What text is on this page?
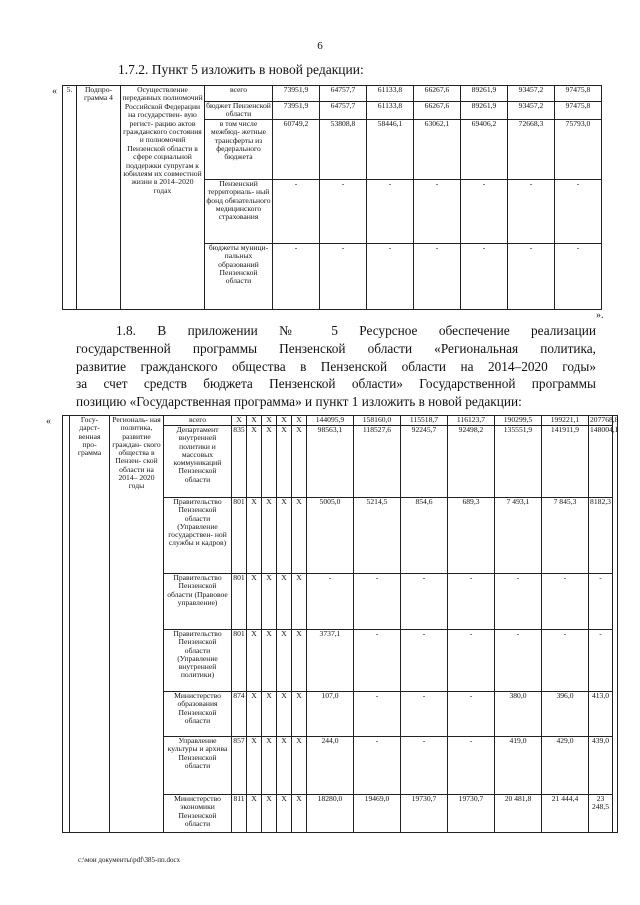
6
1.7.2. Пункт 5 изложить в новой редакции:
«
».
5.	Подпро- грамма 4	Осуществление переданных полномочий Российской Федерации на государствен- вую регист- рацию актов гражданского состояния и полномочий Пензенской области в сфере социальной поддержки супругам к юбилеям их совместной жизни в 2014–2020 годах	всего	73951,9	64757,7	61133,8	66267,6	89261,9	93457,2	97475,8
			бюджет Пензенской области	73951,9	64757,7	61133,8	66267,6	89261,9	93457,2	97475,8
			в том числе межбюд- жетные трансферты из федерального бюджета	60749,2	53808,8	58446,1	63062,1	69406,2	72668,3	75793,0
			Пензенский территориаль- ный фонд обязательного медицинского страхования	-	-	-	-	-	-	-
			бюджеты муници- пальных образований Пензенской области	-	-	-	-	-	-	-
1.8. В приложении № 5 Ресурсное обеспечение реализации
государственной программы Пензенской области «Региональная политика,
развитие гражданского общества в Пензенской области на 2014–2020 годы»
за счет средств бюджета Пензенской области» Государственной программы

позицию «Государственная программа» и пункт 1 изложить в новой редакции:
«
		Госу- дарст- венная про- грамма	Региональ- ная политика, развитие граждан- ского общества в Пензен- ской области на 2014– 2020 годы	всего	X	X	X	X	X	144095,9	158160,0	115518,7	116123,7	190299,5	199221,1	207768,8	
			Департамент внутренней политики и массовых коммуникаций Пензенской области	835	X	X	X	X	98563,1	118527,6	92245,7	92498,2	135551,9	141911,9	148004,1	
			Правительство Пензенской области (Управление государствен- ной службы и кадров)	801	X	X	X	X	5005,0	5214,5	854,6	689,3	7 493,1	7 845,3	8182,3	
			Правительство Пензенской области (Правовое управление)	801	X	X	X	X	-	-	-	-	-	-	-	
			Правительство Пензенской области (Управление внутренней политики)	801	X	X	X	X	3737,1	-	-	-	-	-	-	
			Министерство образования Пензенской области	874	X	X	X	X	107,0	-	-	-	380,0	396,0	413,0	
			Управление культуры и архива Пензенской области	857	X	X	X	X	244,0	-	-	-	419,0	429,0	439,0	
			Министерство экономики Пензенской области	811	X	X	X	X	18280,0	19469,0	19730,7	19730,7	20 481,8	21 444,4	23 248,5	
c:\мои документы\pdf\385-пп.docx
